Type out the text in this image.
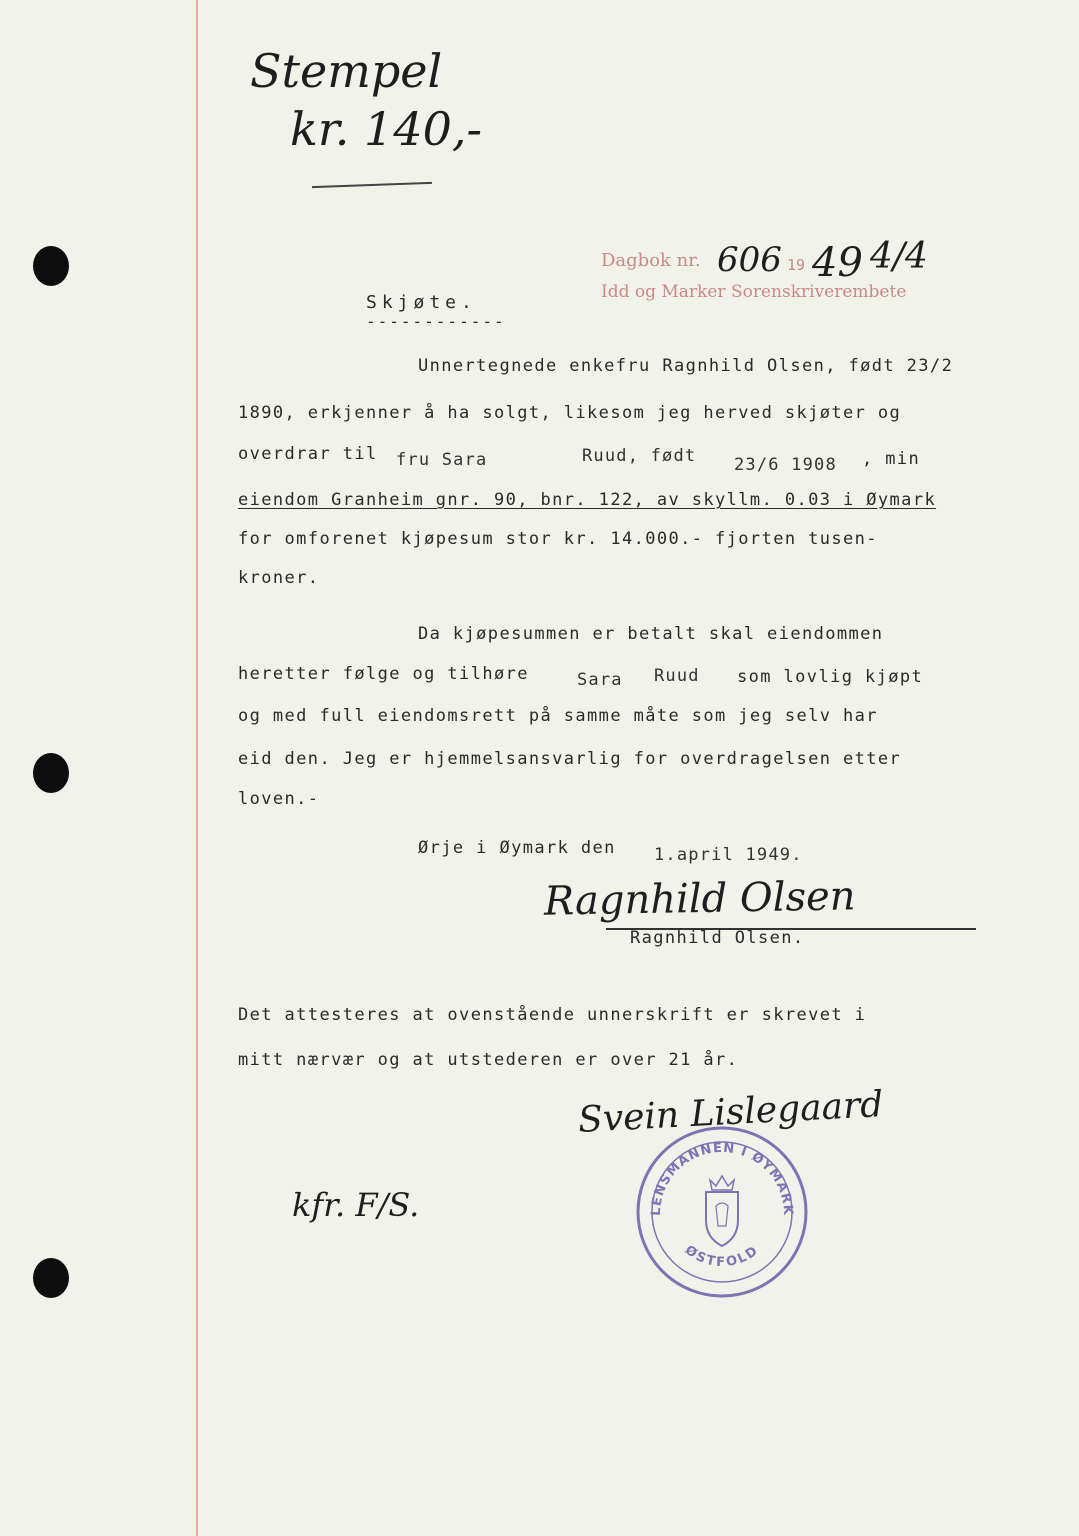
Stempel
kr. 140,-
Dagbok nr. 606 19 49 4/4
Idd og Marker Sorenskriverembete
Skjøte.
------------
Unnertegnede enkefru Ragnhild Olsen, født 23/2
1890, erkjenner å ha solgt, likesom jeg herved skjøter og
overdrar til fru Sara	Ruud, født 23/6 1908 , min
eiendom Granheim gnr. 90, bnr. 122, av skyllm. 0.03 i Øymark
for omforenet kjøpesum stor kr. 14.000.- fjorten tusen-
kroner.
Da kjøpesummen er betalt skal eiendommen
heretter følge og tilhøre	Sara Ruud som lovlig kjøpt
og med full eiendomsrett på samme måte som jeg selv har
eid den. Jeg er hjemmelsansvarlig for overdragelsen etter
loven.-
Ørje i Øymark den 1.april 1949.
Ragnhild Olsen
Ragnhild Olsen.
Det attesteres at ovenstående unnerskrift er skrevet i
mitt nærvær og at utstederen er over 21 år.
Svein Lislegaard
kfr. F/S.	LENSMANNEN I ØYMARK
ØSTFOLD
